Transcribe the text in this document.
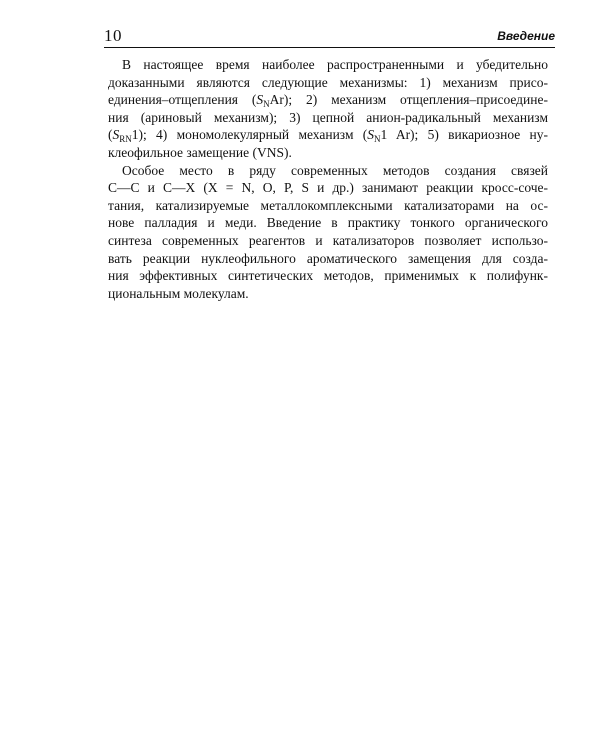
10	Введение
В настоящее время наиболее распространенными и убедительно
доказанными являются следующие механизмы: 1) механизм присо-
единения–отщепления $(S_NAr)$; 2) механизм отщепления–присоедине-
ния (ариновый механизм); 3) цепной анион-радикальный механизм
$(S_{RN}1)$; 4) мономолекулярный механизм ($S_N1$ Ar); 5) викариозное ну-
клеофильное замещение (VNS).
Особое место в ряду современных методов создания связей
C—C и C—X (X = N, O, P, S и др.) занимают реакции кросс-соче-
тания, катализируемые металлокомплексными катализаторами на ос-
нове палладия и меди. Введение в практику тонкого органического
синтеза современных реагентов и катализаторов позволяет использо-
вать реакции нуклеофильного ароматического замещения для созда-
ния эффективных синтетических методов, применимых к полифунк-
циональным молекулам.
